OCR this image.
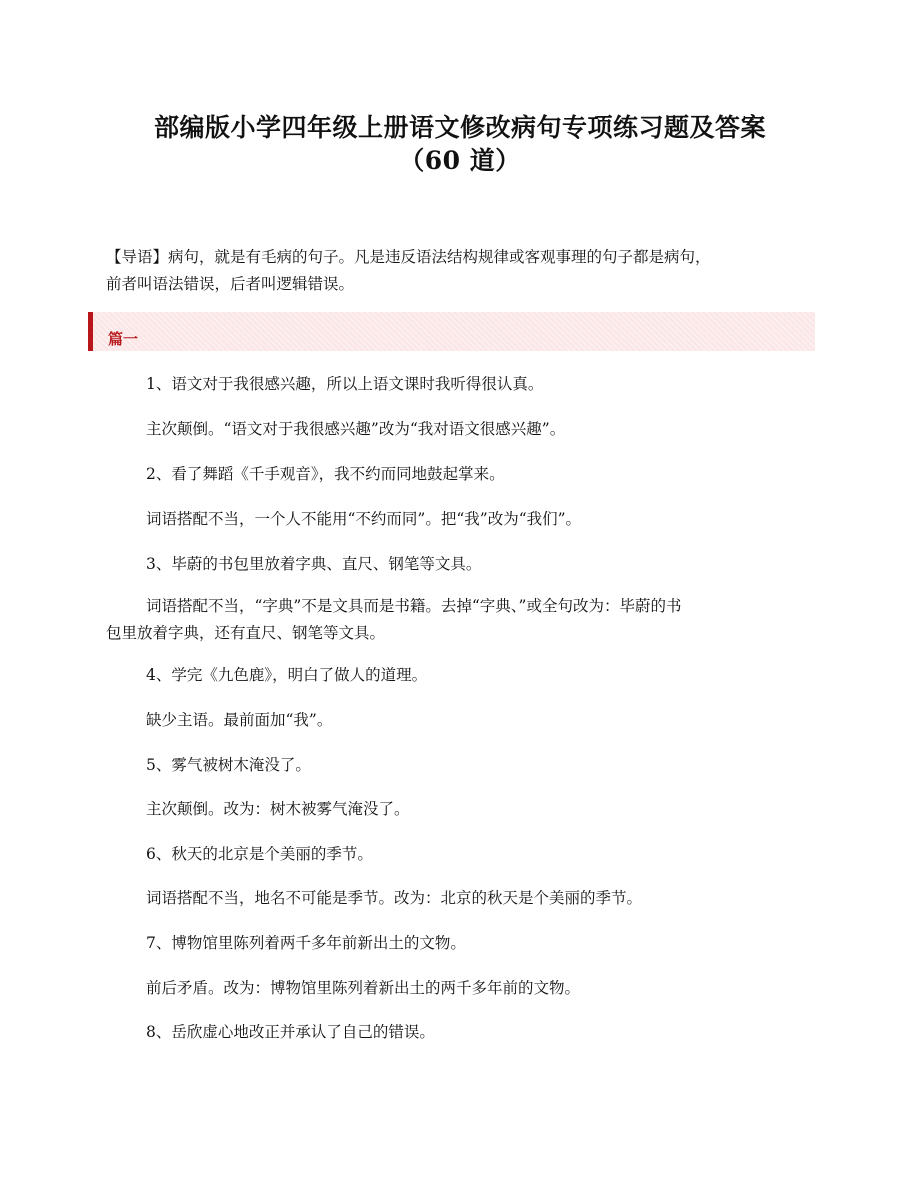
部编版小学四年级上册语文修改病句专项练习题及答案
（60 道）
【导语】病句，就是有毛病的句子。凡是违反语法结构规律或客观事理的句子都是病句，
前者叫语法错误，后者叫逻辑错误。
篇一
1、语文对于我很感兴趣，所以上语文课时我听得很认真。
主次颠倒。“语文对于我很感兴趣”改为“我对语文很感兴趣”。
2、看了舞蹈《千手观音》，我不约而同地鼓起掌来。
词语搭配不当，一个人不能用“不约而同”。把“我”改为“我们”。
3、毕蔚的书包里放着字典、直尺、钢笔等文具。
词语搭配不当，“字典”不是文具而是书籍。去掉“字典、”或全句改为：毕蔚的书
包里放着字典，还有直尺、钢笔等文具。
4、学完《九色鹿》，明白了做人的道理。
缺少主语。最前面加“我”。
5、雾气被树木淹没了。
主次颠倒。改为：树木被雾气淹没了。
6、秋天的北京是个美丽的季节。
词语搭配不当，地名不可能是季节。改为：北京的秋天是个美丽的季节。
7、博物馆里陈列着两千多年前新出土的文物。
前后矛盾。改为：博物馆里陈列着新出土的两千多年前的文物。
8、岳欣虚心地改正并承认了自己的错误。
